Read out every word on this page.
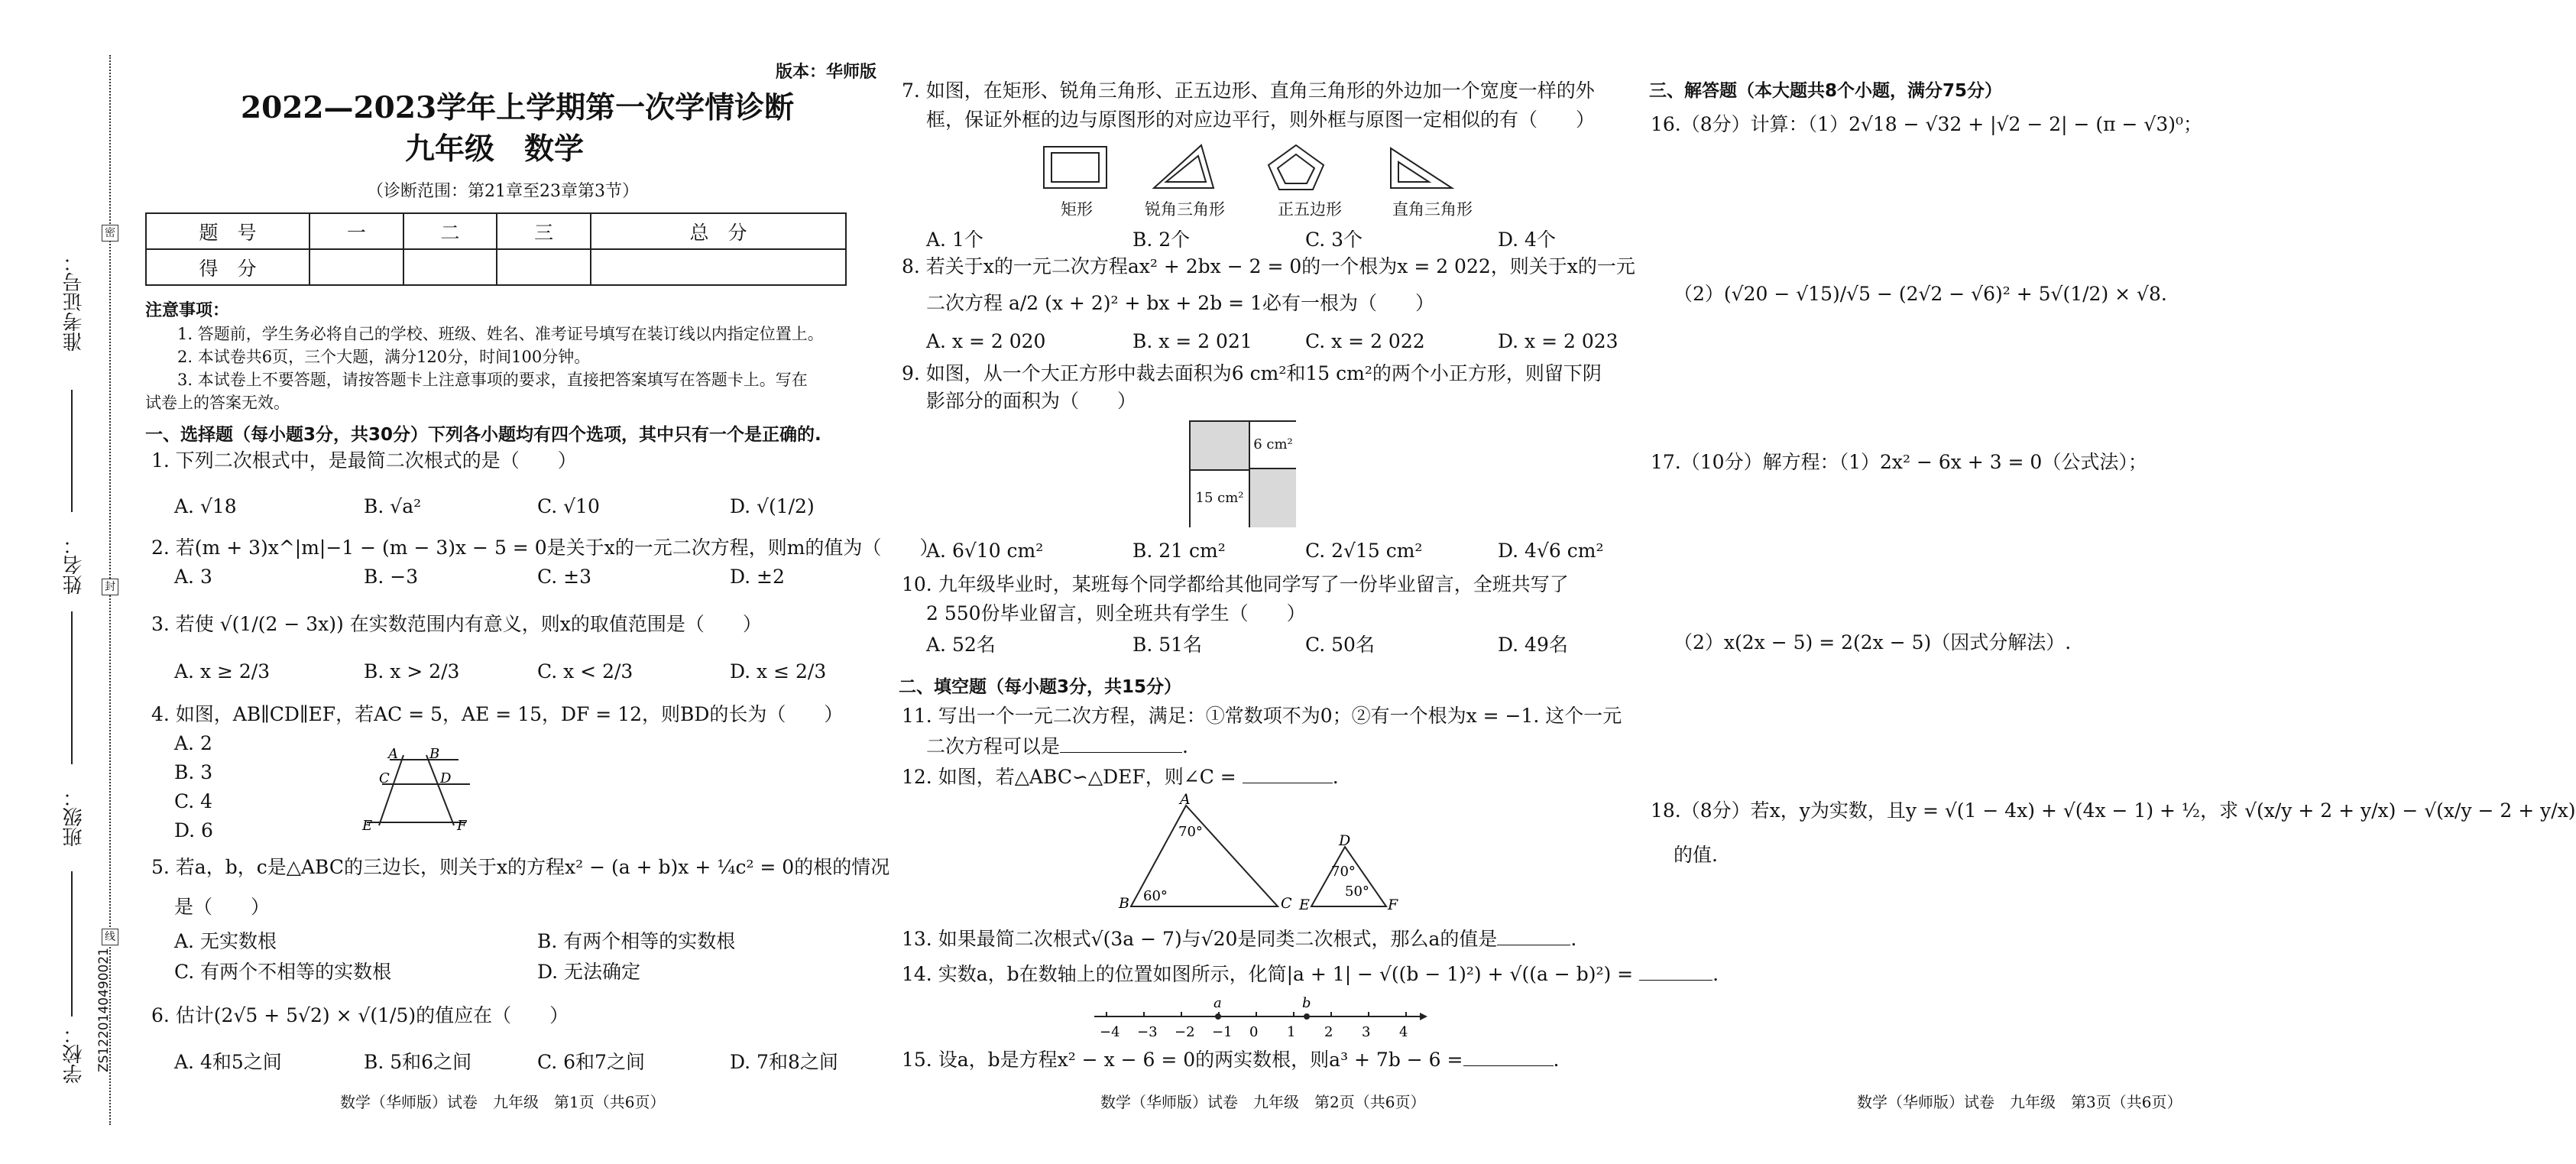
准考证号：
姓名：
班级：
学校： ZS1220140490021
密
封
线
版本：华师版
2022—2023学年上学期第一次学情诊断
九年级　数学
（诊断范围：第21章至23章第3节）
题　号	一	二	三	总　分
得　分				
注意事项：
1. 答题前，学生务必将自己的学校、班级、姓名、准考证号填写在装订线以内指定位置上。
2. 本试卷共6页，三个大题，满分120分，时间100分钟。
3. 本试卷上不要答题，请按答题卡上注意事项的要求，直接把答案填写在答题卡上。写在
试卷上的答案无效。
一、选择题（每小题3分，共30分）下列各小题均有四个选项，其中只有一个是正确的.
1. 下列二次根式中，是最简二次根式的是（　　）
A. √18	B. √a²	C. √10	D. √(1/2)
2. 若(m + 3)x^|m|−1 − (m − 3)x − 5 = 0是关于x的一元二次方程，则m的值为（　　）
A. 3	B. −3	C. ±3	D. ±2
3. 若使 √(1/(2 − 3x)) 在实数范围内有意义，则x的取值范围是（　　）
A. x ≥ 2/3	B. x > 2/3	C. x < 2/3	D. x ≤ 2/3
4. 如图，AB∥CD∥EF，若AC = 5，AE = 15，DF = 12，则BD的长为（　　）
A. 2
B. 3
C. 4
D. 6
A B
C	D
E	F
5. 若a，b，c是△ABC的三边长，则关于x的方程x² − (a + b)x + ¼c² = 0的根的情况
是（　　）
A. 无实数根	B. 有两个相等的实数根
C. 有两个不相等的实数根	D. 无法确定
6. 估计(2√5 + 5√2) × √(1/5)的值应在（　　）
A. 4和5之间	B. 5和6之间	C. 6和7之间	D. 7和8之间
数学（华师版）试卷　九年级　第1页（共6页）
7. 如图，在矩形、锐角三角形、正五边形、直角三角形的外边加一个宽度一样的外
框，保证外框的边与原图形的对应边平行，则外框与原图一定相似的有（　　）
矩形	锐角三角形	正五边形	直角三角形
A. 1个	B. 2个	C. 3个	D. 4个
8. 若关于x的一元二次方程ax² + 2bx − 2 = 0的一个根为x = 2 022，则关于x的一元
二次方程 a/2 (x + 2)² + bx + 2b = 1必有一根为（　　）
A. x = 2 020	B. x = 2 021	C. x = 2 022	D. x = 2 023
9. 如图，从一个大正方形中裁去面积为6 cm²和15 cm²的两个小正方形，则留下阴
影部分的面积为（　　）
6 cm²
15 cm²
A. 6√10 cm²	B. 21 cm²	C. 2√15 cm²	D. 4√6 cm²
10. 九年级毕业时，某班每个同学都给其他同学写了一份毕业留言，全班共写了
2 550份毕业留言，则全班共有学生（　　）
A. 52名	B. 51名	C. 50名	D. 49名
二、填空题（每小题3分，共15分）
11. 写出一个一元二次方程，满足：①常数项不为0；②有一个根为x = −1. 这个一元
二次方程可以是	.
12. 如图，若△ABC∽△DEF，则∠C =	.
A
B	C
70°
60°
D
E	F
70°
50°
13. 如果最简二次根式√(3a − 7)与√20是同类二次根式，那么a的值是	.
14. 实数a，b在数轴上的位置如图所示，化简|a + 1| − √((b − 1)²) + √((a − b)²) =	.
−4 −3 −2 −1 0 1 2 3 4
a	b
15. 设a，b是方程x² − x − 6 = 0的两实数根，则a³ + 7b − 6 =	.
数学（华师版）试卷　九年级　第2页（共6页）
三、解答题（本大题共8个小题，满分75分）
16.（8分）计算：（1）2√18 − √32 + |√2 − 2| − (π − √3)⁰；
（2）(√20 − √15)/√5 − (2√2 − √6)² + 5√(1/2) × √8.
17.（10分）解方程：（1）2x² − 6x + 3 = 0（公式法）；
（2）x(2x − 5) = 2(2x − 5)（因式分解法）.
18.（8分）若x，y为实数，且y = √(1 − 4x) + √(4x − 1) + ½，求 √(x/y + 2 + y/x) − √(x/y − 2 + y/x)
的值.
数学（华师版）试卷　九年级　第3页（共6页）
